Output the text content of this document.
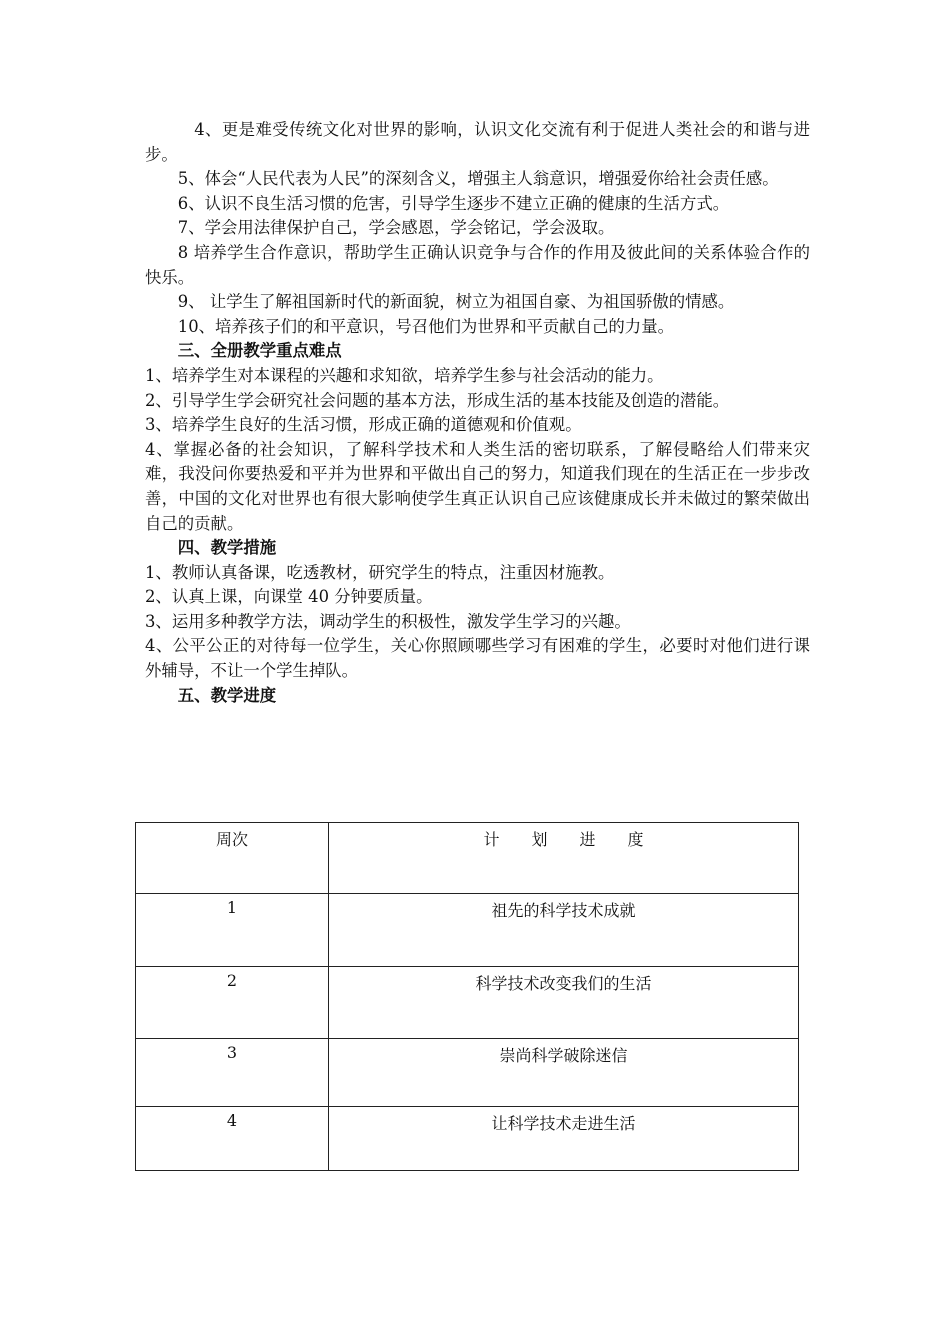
4、更是难受传统文化对世界的影响，认识文化交流有利于促进人类社会的和谐与进步。

5、体会“人民代表为人民”的深刻含义，增强主人翁意识，增强爱你给社会责任感。

6、认识不良生活习惯的危害，引导学生逐步不建立正确的健康的生活方式。

7、学会用法律保护自己，学会感恩，学会铭记，学会汲取。

8 培养学生合作意识，帮助学生正确认识竞争与合作的作用及彼此间的关系体验合作的快乐。

9、 让学生了解祖国新时代的新面貌，树立为祖国自豪、为祖国骄傲的情感。

10、培养孩子们的和平意识，号召他们为世界和平贡献自己的力量。

三、全册教学重点难点

1、培养学生对本课程的兴趣和求知欲，培养学生参与社会活动的能力。

2、引导学生学会研究社会问题的基本方法，形成生活的基本技能及创造的潜能。

3、培养学生良好的生活习惯，形成正确的道德观和价值观。

4、掌握必备的社会知识，了解科学技术和人类生活的密切联系，了解侵略给人们带来灾难，我没问你要热爱和平并为世界和平做出自己的努力，知道我们现在的生活正在一步步改善，中国的文化对世界也有很大影响使学生真正认识自己应该健康成长并未做过的繁荣做出自己的贡献。

四、教学措施

1、教师认真备课，吃透教材，研究学生的特点，注重因材施教。

2、认真上课，向课堂 40 分钟要质量。

3、运用多种教学方法，调动学生的积极性，激发学生学习的兴趣。

4、公平公正的对待每一位学生，关心你照顾哪些学习有困难的学生，必要时对他们进行课外辅导，不让一个学生掉队。

五、教学进度

周次	计划进度
1	祖先的科学技术成就
2	科学技术改变我们的生活
3	崇尚科学破除迷信
4	让科学技术走进生活
